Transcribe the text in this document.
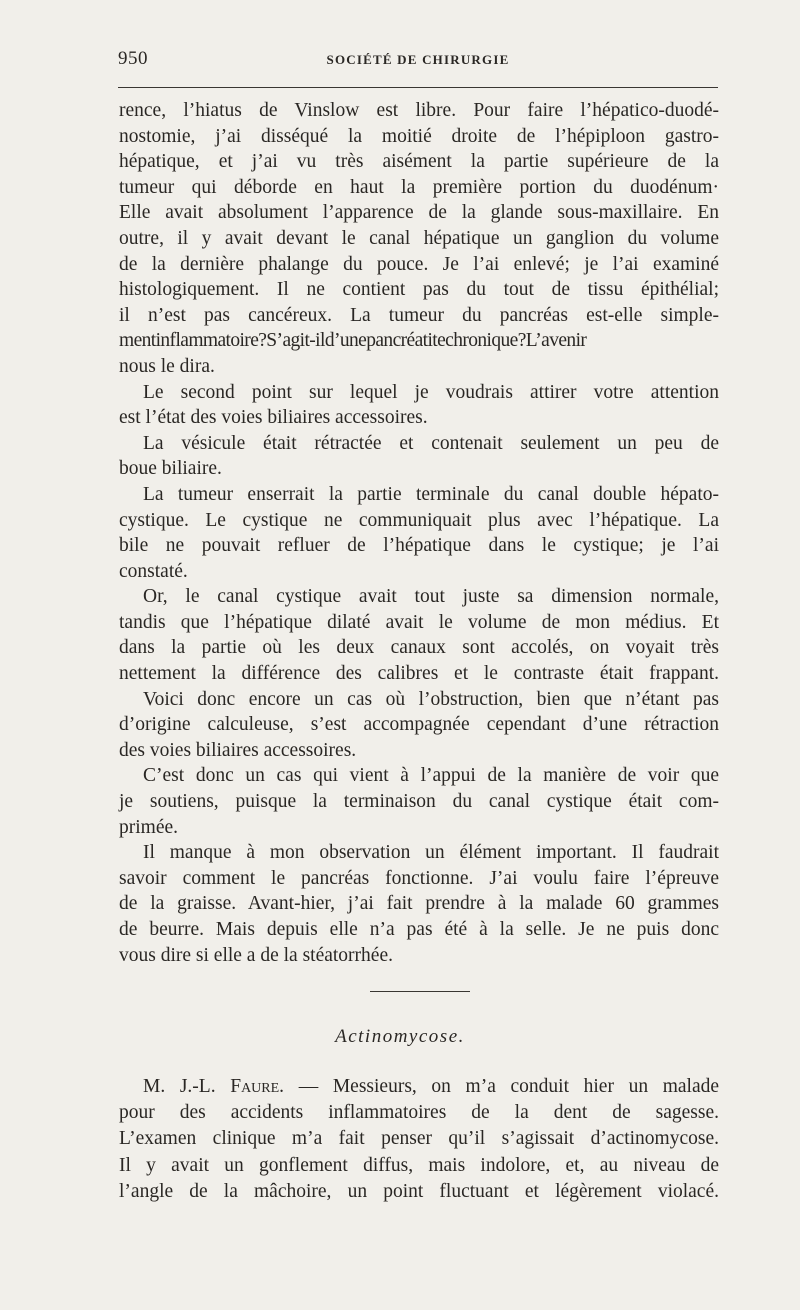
950	SOCIÉTÉ DE CHIRURGIE
rence, l’hiatus de Vinslow est libre. Pour faire l’hépatico-duodé-
nostomie, j’ai disséqué la moitié droite de l’hépiploon gastro-
hépatique, et j’ai vu très aisément la partie supérieure de la
tumeur qui déborde en haut la première portion du duodénum·
Elle avait absolument l’apparence de la glande sous-maxillaire. En
outre, il y avait devant le canal hépatique un ganglion du volume
de la dernière phalange du pouce. Je l’ai enlevé; je l’ai examiné
histologiquement. Il ne contient pas du tout de tissu épithélial;
il n’est pas cancéreux. La tumeur du pancréas est-elle simple-
mentinflammatoire?S’agit-ild’unepancréatitechronique?L’avenir
nous le dira.
Le second point sur lequel je voudrais attirer votre attention
est l’état des voies biliaires accessoires.
La vésicule était rétractée et contenait seulement un peu de
boue biliaire.
La tumeur enserrait la partie terminale du canal double hépato-
cystique. Le cystique ne communiquait plus avec l’hépatique. La
bile ne pouvait refluer de l’hépatique dans le cystique; je l’ai
constaté.
Or, le canal cystique avait tout juste sa dimension normale,
tandis que l’hépatique dilaté avait le volume de mon médius. Et
dans la partie où les deux canaux sont accolés, on voyait très
nettement la différence des calibres et le contraste était frappant.
Voici donc encore un cas où l’obstruction, bien que n’étant pas
d’origine calculeuse, s’est accompagnée cependant d’une rétraction
des voies biliaires accessoires.
C’est donc un cas qui vient à l’appui de la manière de voir que
je soutiens, puisque la terminaison du canal cystique était com-
primée.
Il manque à mon observation un élément important. Il faudrait
savoir comment le pancréas fonctionne. J’ai voulu faire l’épreuve
de la graisse. Avant-hier, j’ai fait prendre à la malade 60 grammes
de beurre. Mais depuis elle n’a pas été à la selle. Je ne puis donc
vous dire si elle a de la stéatorrhée.
Actinomycose.
M. J.-L. Faure. — Messieurs, on m’a conduit hier un malade
pour des accidents inflammatoires de la dent de sagesse.
L’examen clinique m’a fait penser qu’il s’agissait d’actinomycose.
Il y avait un gonflement diffus, mais indolore, et, au niveau de
l’angle de la mâchoire, un point fluctuant et légèrement violacé.
